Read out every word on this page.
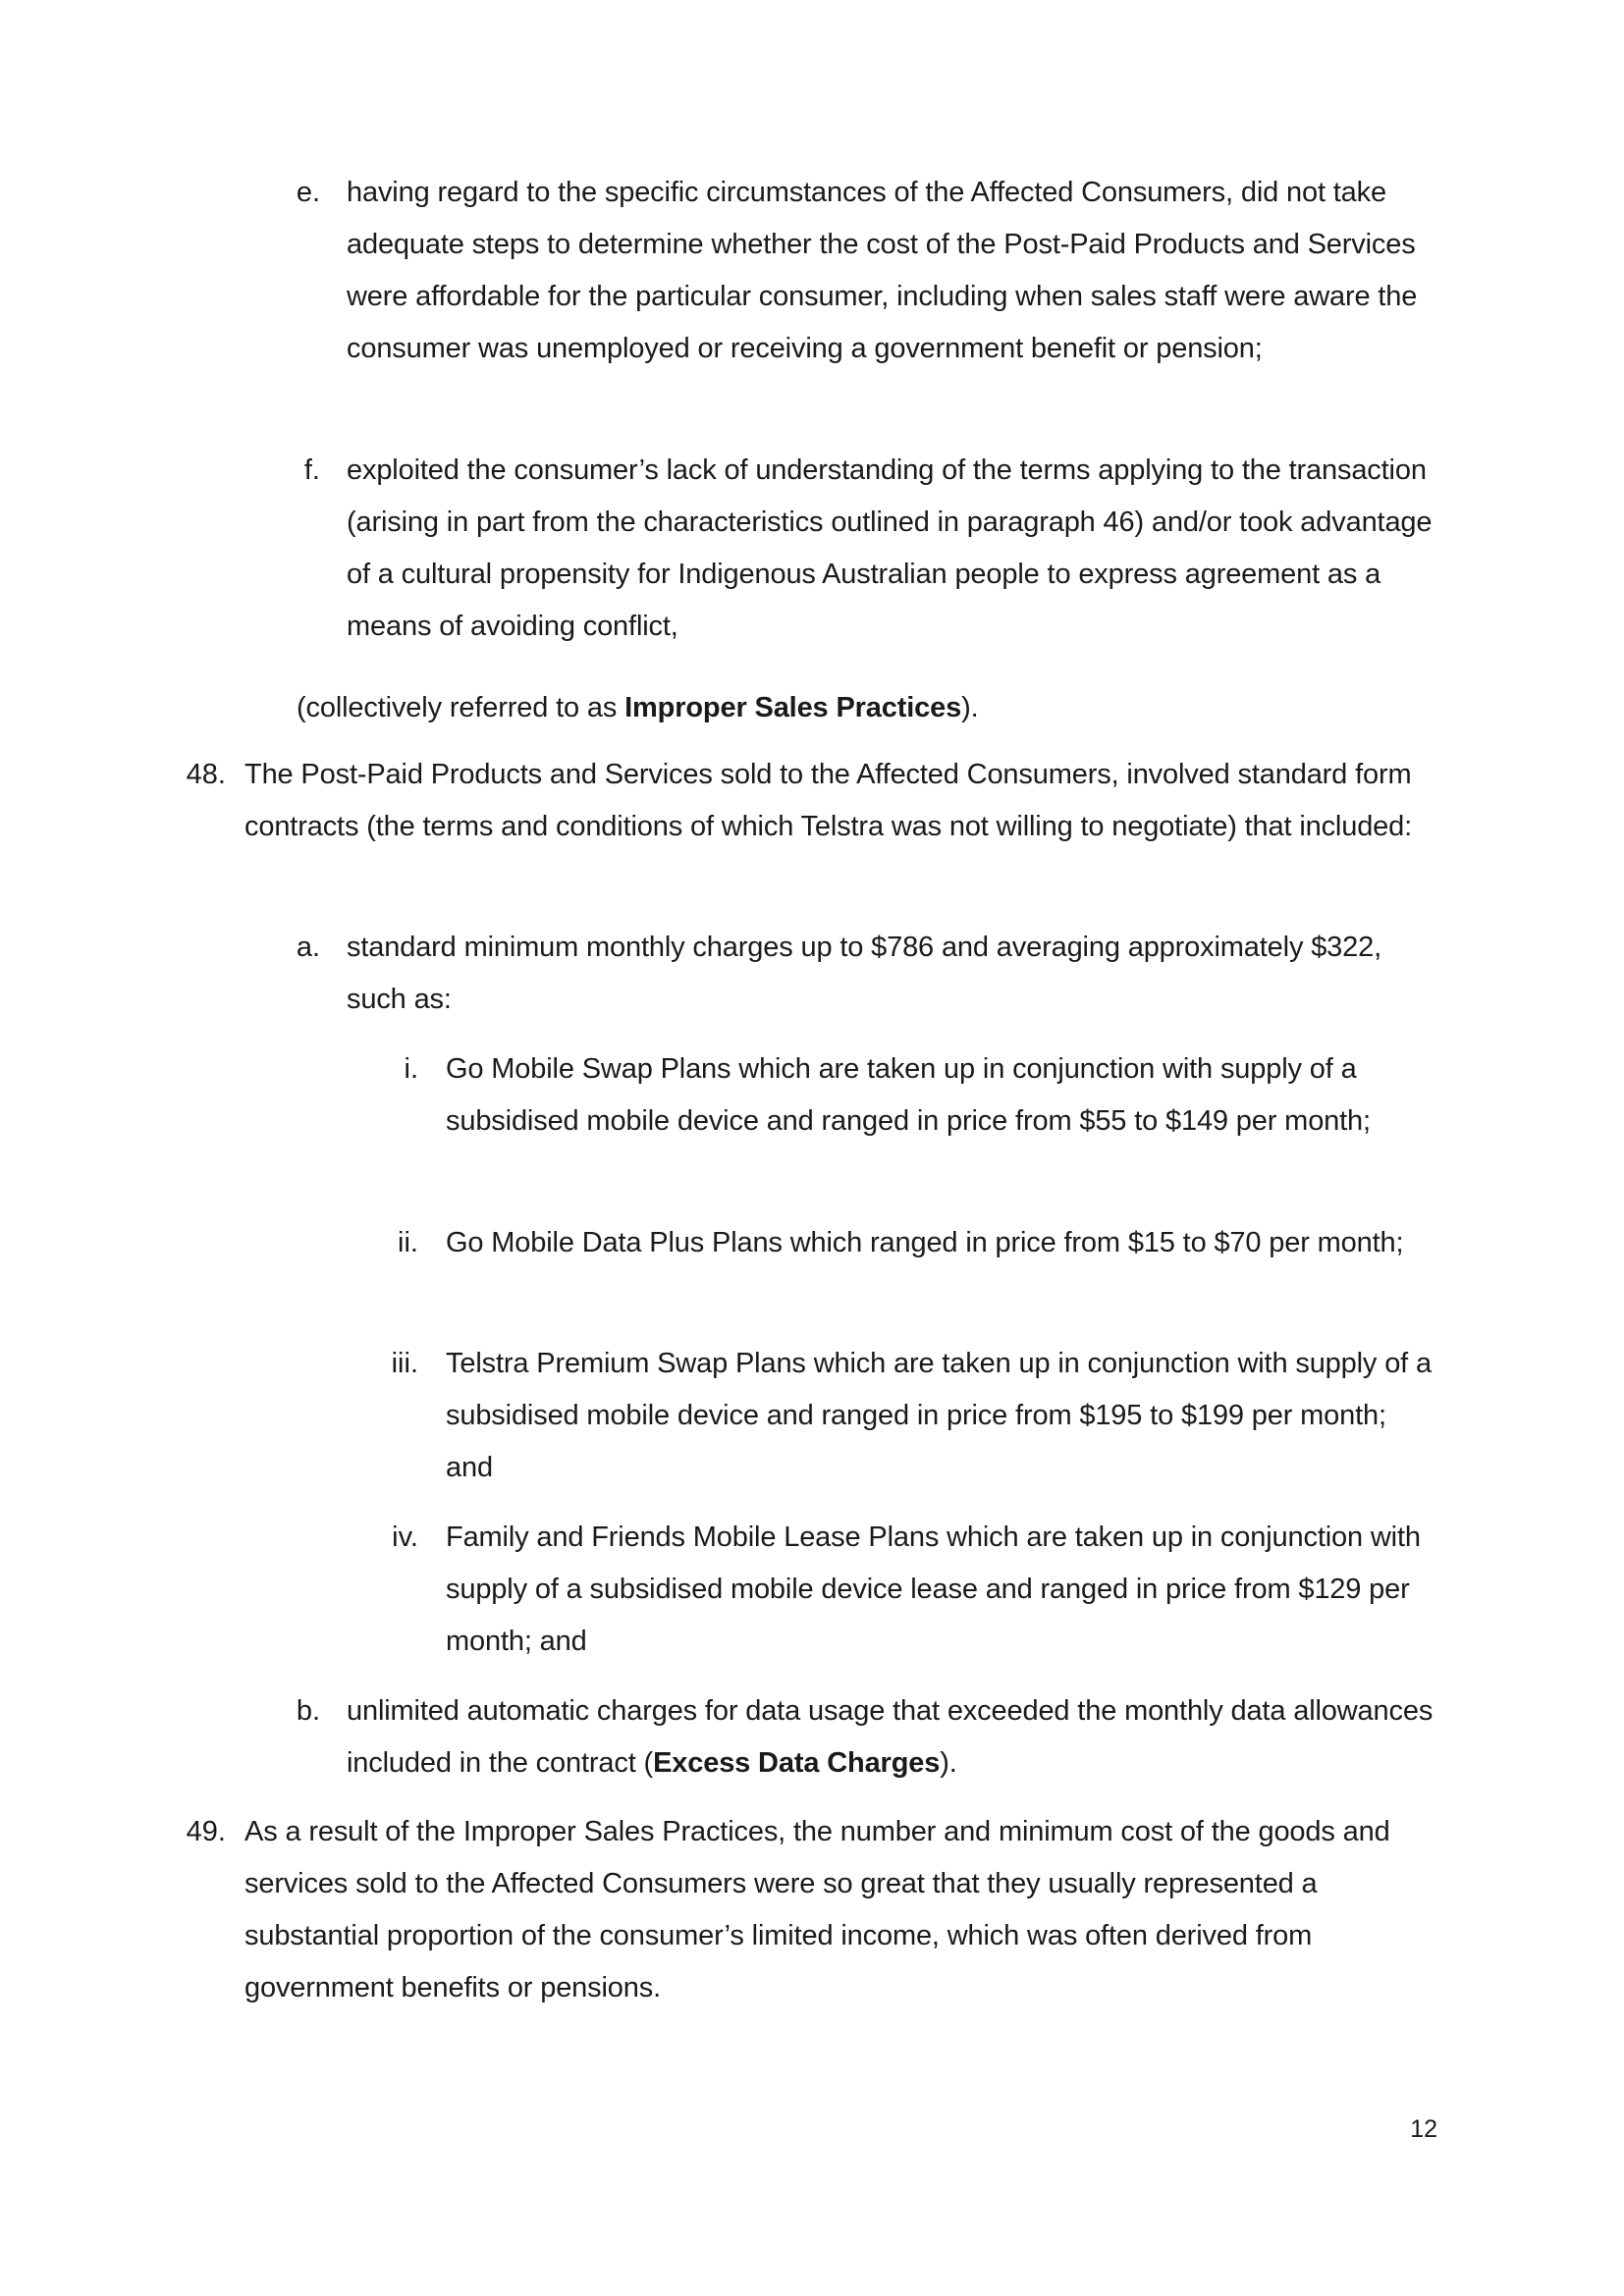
e. having regard to the specific circumstances of the Affected Consumers, did not take adequate steps to determine whether the cost of the Post-Paid Products and Services were affordable for the particular consumer, including when sales staff were aware the consumer was unemployed or receiving a government benefit or pension;
f. exploited the consumer’s lack of understanding of the terms applying to the transaction (arising in part from the characteristics outlined in paragraph 46) and/or took advantage of a cultural propensity for Indigenous Australian people to express agreement as a means of avoiding conflict,
(collectively referred to as Improper Sales Practices).
48. The Post-Paid Products and Services sold to the Affected Consumers, involved standard form contracts (the terms and conditions of which Telstra was not willing to negotiate) that included:
a. standard minimum monthly charges up to $786 and averaging approximately $322, such as:
i. Go Mobile Swap Plans which are taken up in conjunction with supply of a subsidised mobile device and ranged in price from $55 to $149 per month;
ii. Go Mobile Data Plus Plans which ranged in price from $15 to $70 per month;
iii. Telstra Premium Swap Plans which are taken up in conjunction with supply of a subsidised mobile device and ranged in price from $195 to $199 per month; and
iv. Family and Friends Mobile Lease Plans which are taken up in conjunction with supply of a subsidised mobile device lease and ranged in price from $129 per month; and
b. unlimited automatic charges for data usage that exceeded the monthly data allowances included in the contract (Excess Data Charges).
49. As a result of the Improper Sales Practices, the number and minimum cost of the goods and services sold to the Affected Consumers were so great that they usually represented a substantial proportion of the consumer’s limited income, which was often derived from government benefits or pensions.
12
